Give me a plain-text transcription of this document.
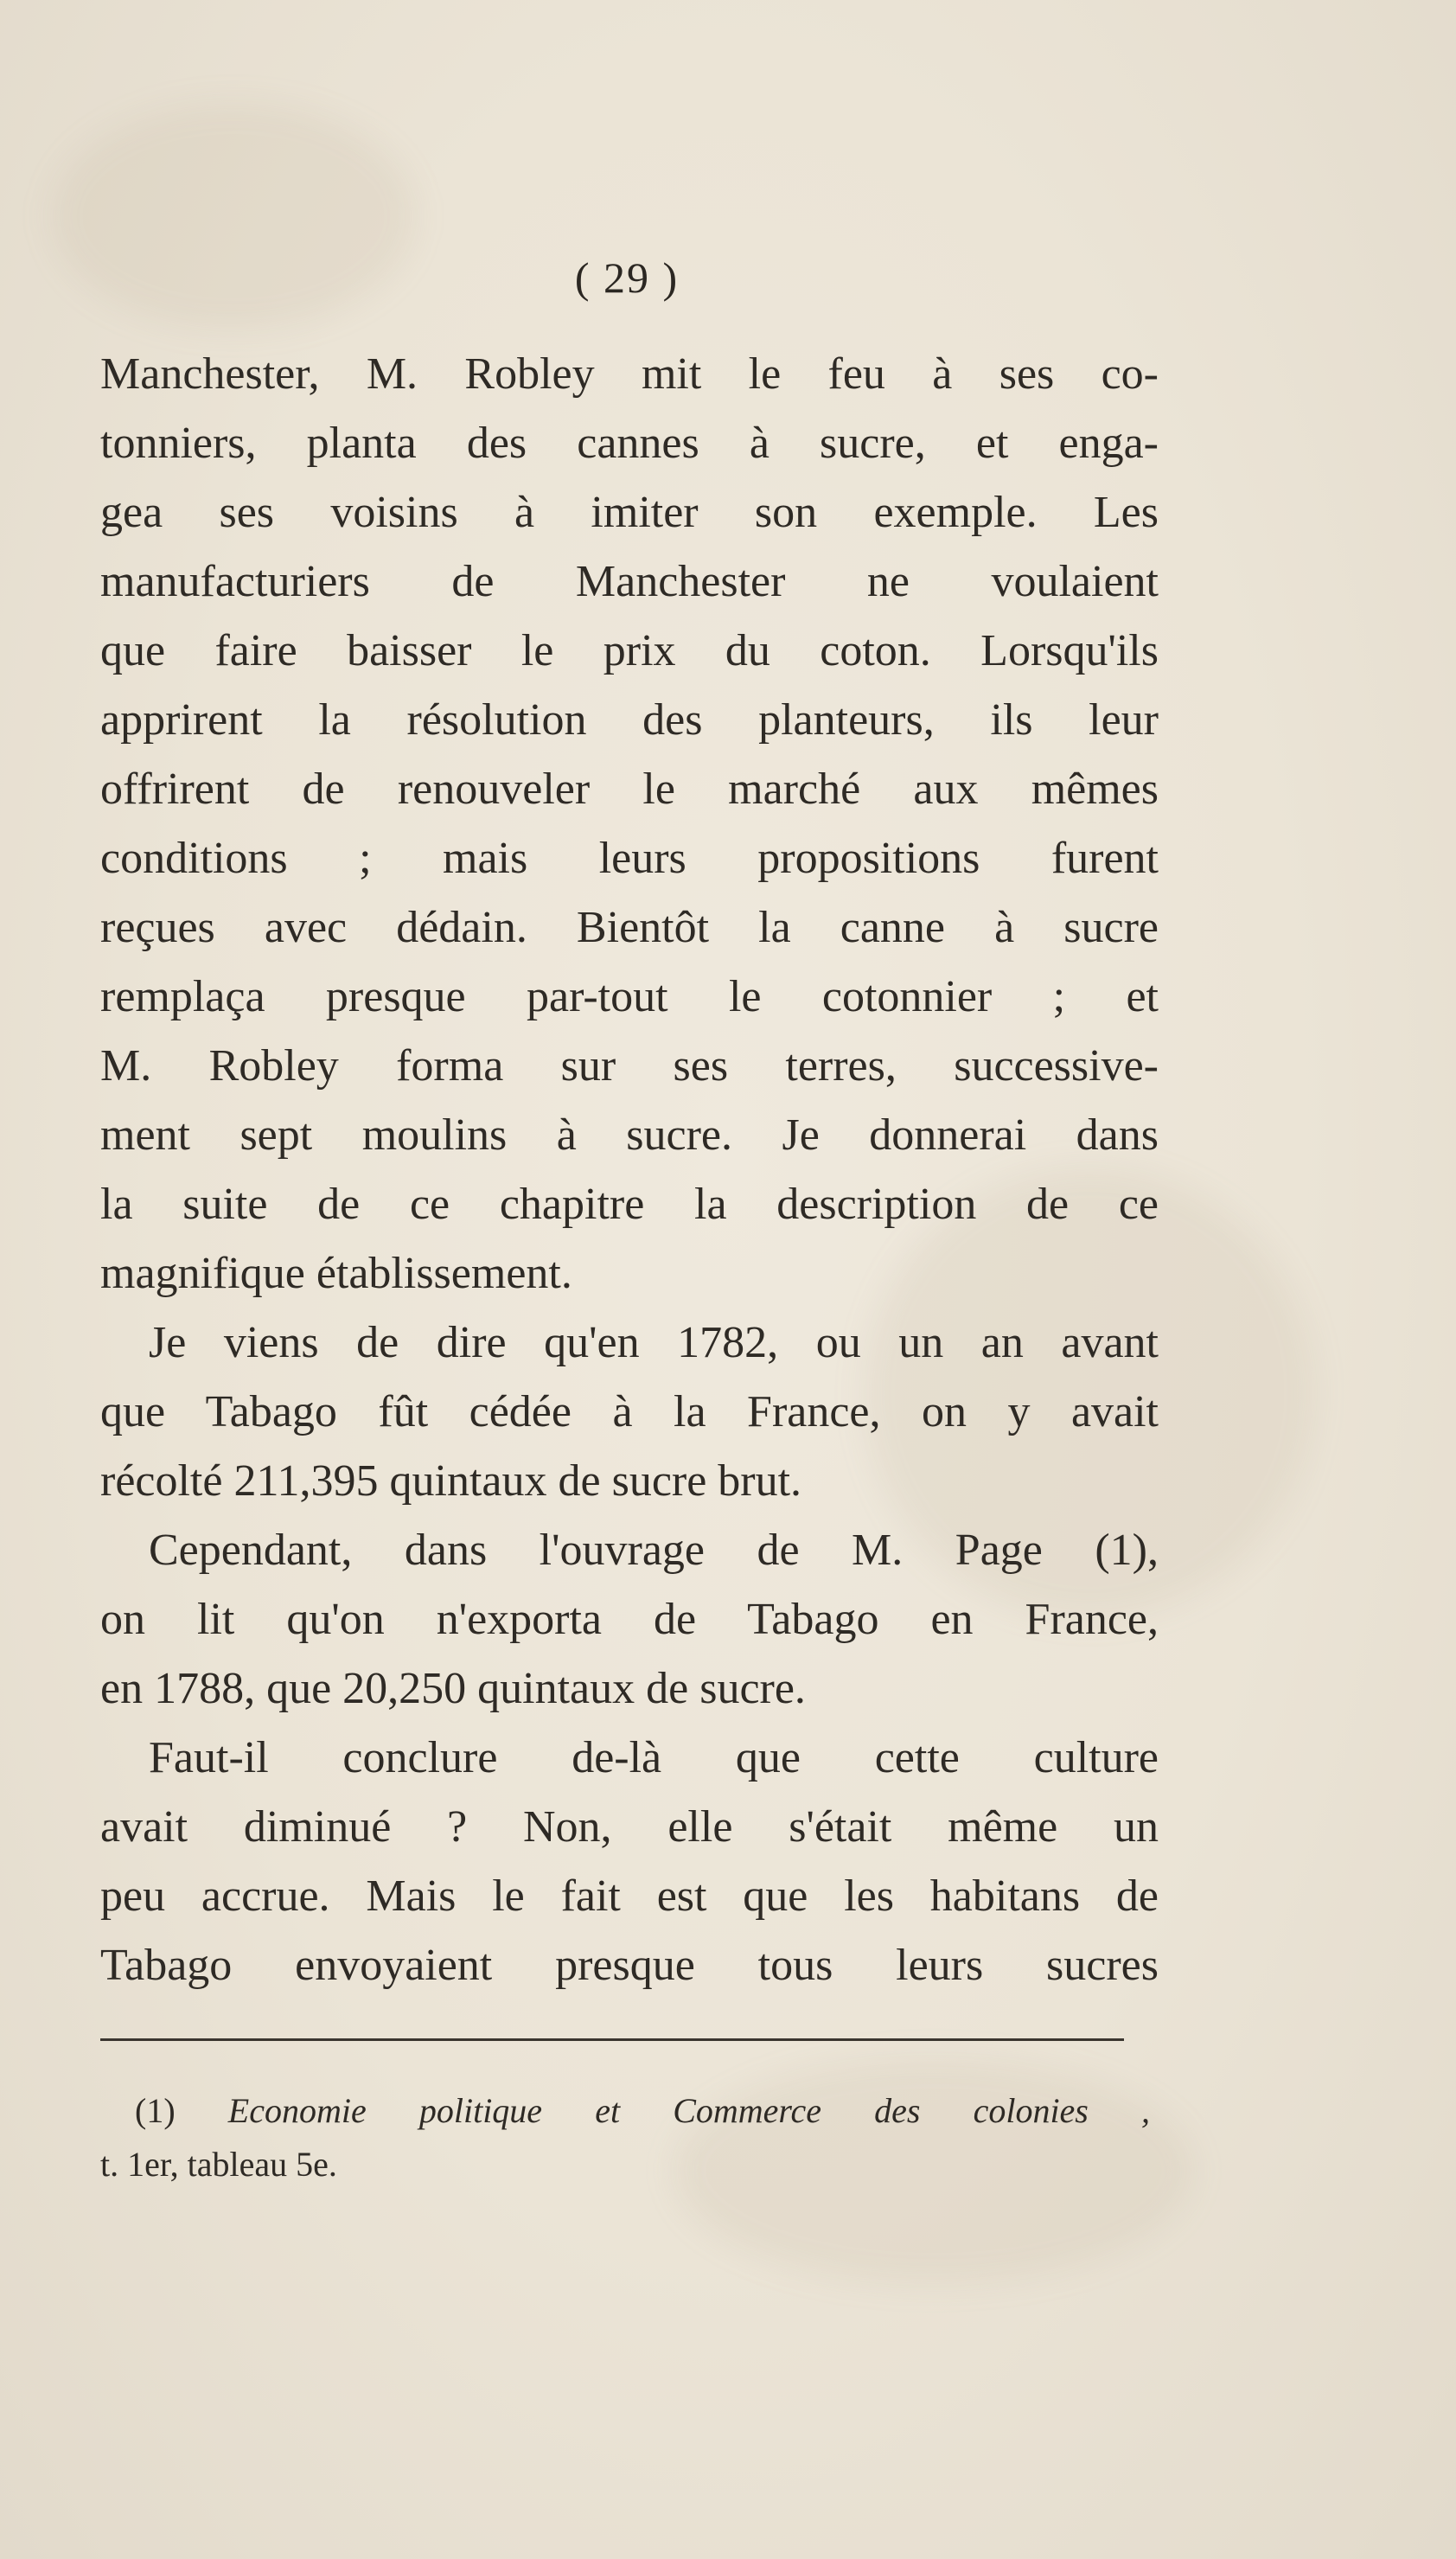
( 29 )
Manchester, M. Robley mit le feu à ses co-
tonniers, planta des cannes à sucre, et enga-
gea ses voisins à imiter son exemple. Les
manufacturiers de Manchester ne voulaient
que faire baisser le prix du coton. Lorsqu'ils
apprirent la résolution des planteurs, ils leur
offrirent de renouveler le marché aux mêmes
conditions ; mais leurs propositions furent
reçues avec dédain. Bientôt la canne à sucre
remplaça presque par-tout le cotonnier ; et
M. Robley forma sur ses terres, successive-
ment sept moulins à sucre. Je donnerai dans
la suite de ce chapitre la description de ce
magnifique établissement.
Je viens de dire qu'en 1782, ou un an avant
que Tabago fût cédée à la France, on y avait
récolté 211,395 quintaux de sucre brut.
Cependant, dans l'ouvrage de M. Page (1),
on lit qu'on n'exporta de Tabago en France,
en 1788, que 20,250 quintaux de sucre.
Faut-il conclure de-là que cette culture
avait diminué ? Non, elle s'était même un
peu accrue. Mais le fait est que les habitans de
Tabago envoyaient presque tous leurs sucres
(1) Economie politique et Commerce des colonies ,
t. 1er, tableau 5e.
